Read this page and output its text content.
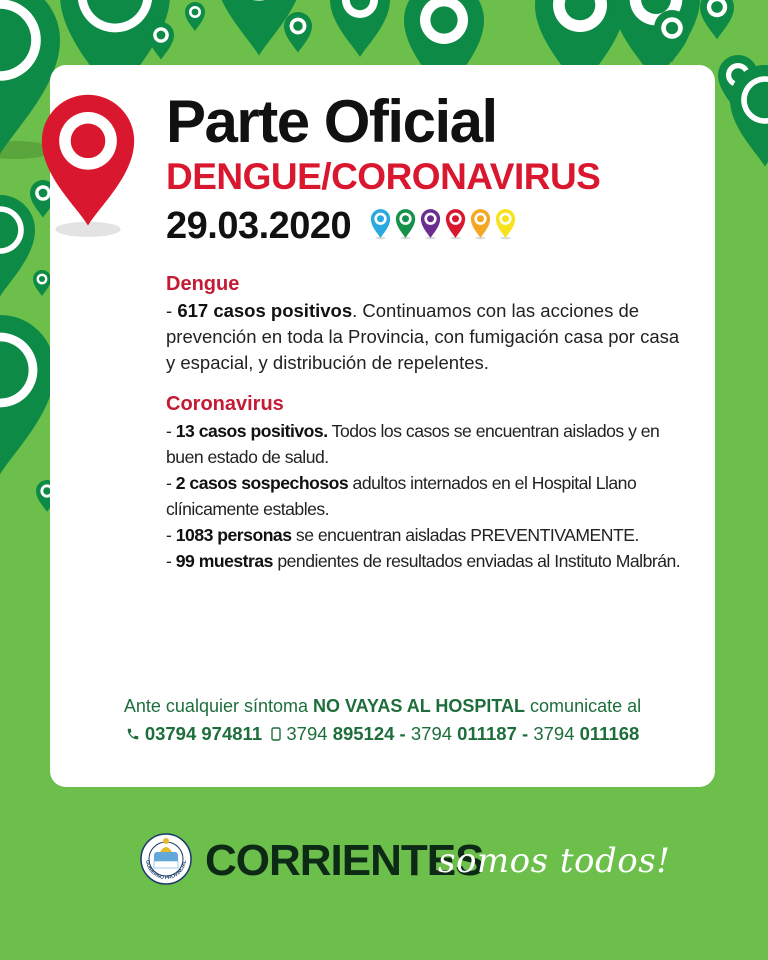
Parte Oficial
DENGUE/CORONAVIRUS
29.03.2020

Dengue

- 617 casos positivos. Continuamos con las acciones de prevención en toda la Provincia, con fumigación casa por casa y espacial, y distribución de repelentes.

Coronavirus

- 13 casos positivos. Todos los casos se encuentran aislados y en buen estado de salud.

- 2 casos sospechosos adultos internados en el Hospital Llano clínicamente estables.

- 1083 personas se encuentran aisladas PREVENTIVAMENTE.

- 99 muestras pendientes de resultados enviadas al Instituto Malbrán.

Ante cualquier síntoma NO VAYAS AL HOSPITAL comunicate al
03794 974811 3794 895124 - 3794 011187 - 3794 011168
GOBIERNO PROVINCIAL CORRIENTES
somos todos!
